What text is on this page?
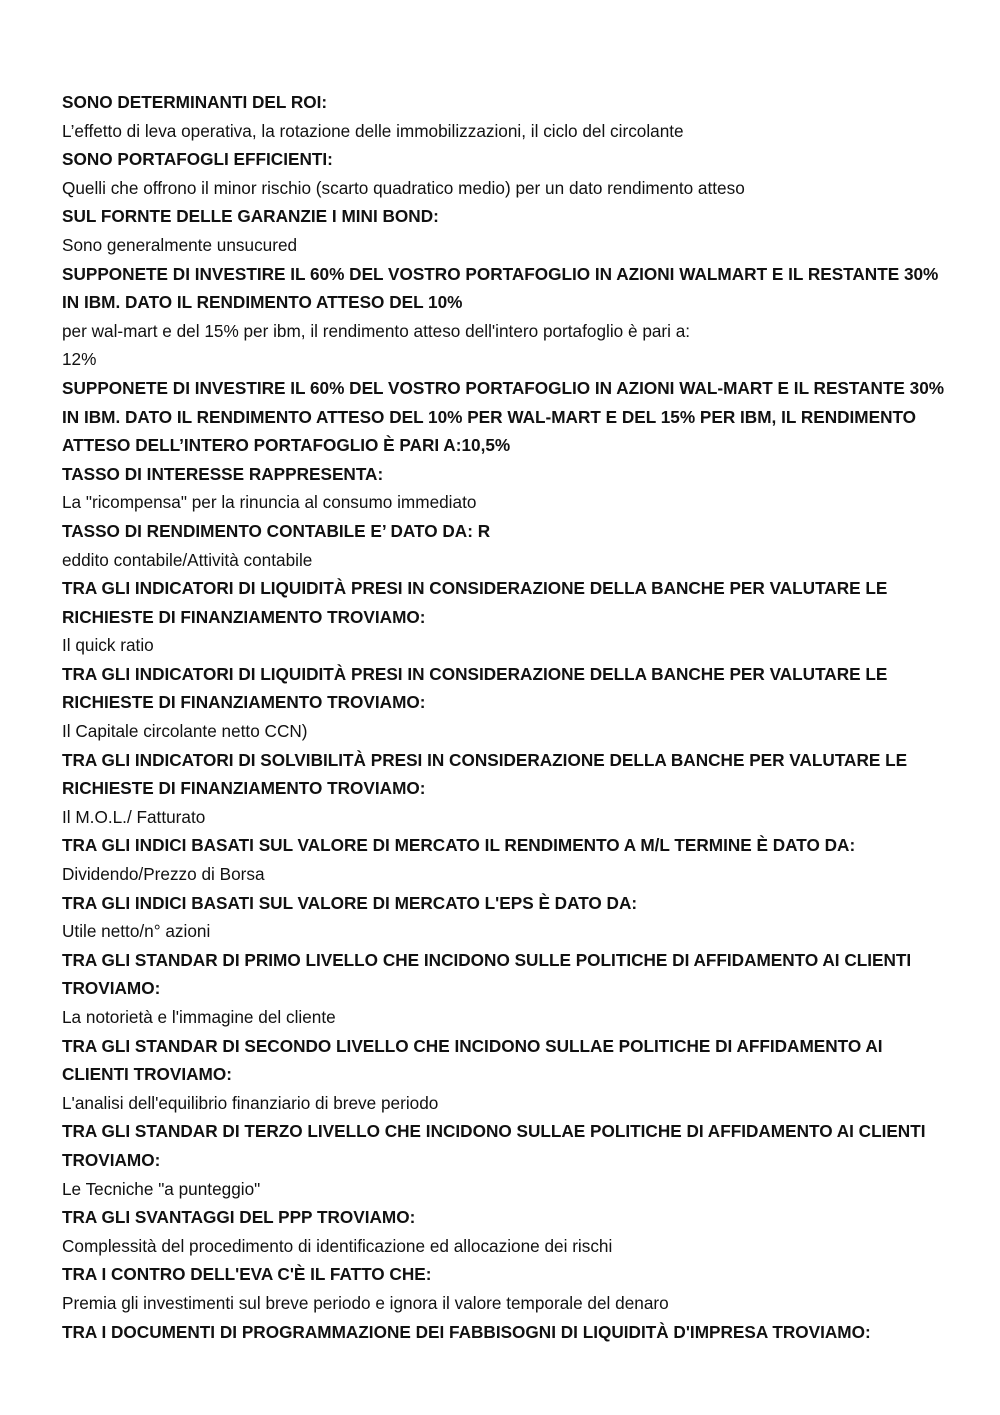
SONO DETERMINANTI DEL ROI:

L’effetto di leva operativa, la rotazione delle immobilizzazioni, il ciclo del circolante

SONO PORTAFOGLI EFFICIENTI:

Quelli che offrono il minor rischio (scarto quadratico medio) per un dato rendimento atteso

SUL FORNTE DELLE GARANZIE I MINI BOND:

Sono generalmente unsucured

SUPPONETE DI INVESTIRE IL 60% DEL VOSTRO PORTAFOGLIO IN AZIONI WALMART E IL RESTANTE 30% IN IBM. DATO IL RENDIMENTO ATTESO DEL 10%

per wal-mart e del 15% per ibm, il rendimento atteso dell'intero portafoglio è pari a:

12%

SUPPONETE DI INVESTIRE IL 60% DEL VOSTRO PORTAFOGLIO IN AZIONI WAL-MART E IL RESTANTE 30% IN IBM. DATO IL RENDIMENTO ATTESO DEL 10% PER WAL-MART E DEL 15% PER IBM, IL RENDIMENTO ATTESO DELL’INTERO PORTAFOGLIO È PARI A:10,5%

TASSO DI INTERESSE RAPPRESENTA:

La "ricompensa" per la rinuncia al consumo immediato

TASSO DI RENDIMENTO CONTABILE E’ DATO DA: R

eddito contabile/Attività contabile

TRA GLI INDICATORI DI LIQUIDITÀ PRESI IN CONSIDERAZIONE DELLA BANCHE PER VALUTARE LE RICHIESTE DI FINANZIAMENTO TROVIAMO:

Il quick ratio

TRA GLI INDICATORI DI LIQUIDITÀ PRESI IN CONSIDERAZIONE DELLA BANCHE PER VALUTARE LE RICHIESTE DI FINANZIAMENTO TROVIAMO:

Il Capitale circolante netto CCN)

TRA GLI INDICATORI DI SOLVIBILITÀ PRESI IN CONSIDERAZIONE DELLA BANCHE PER VALUTARE LE RICHIESTE DI FINANZIAMENTO TROVIAMO:

Il M.O.L./ Fatturato

TRA GLI INDICI BASATI SUL VALORE DI MERCATO IL RENDIMENTO A M/L TERMINE È DATO DA:

Dividendo/Prezzo di Borsa

TRA GLI INDICI BASATI SUL VALORE DI MERCATO L'EPS È DATO DA:

Utile netto/n° azioni

TRA GLI STANDAR DI PRIMO LIVELLO CHE INCIDONO SULLE POLITICHE DI AFFIDAMENTO AI CLIENTI TROVIAMO:

La notorietà e l'immagine del cliente

TRA GLI STANDAR DI SECONDO LIVELLO CHE INCIDONO SULLAE POLITICHE DI AFFIDAMENTO AI CLIENTI TROVIAMO:

L'analisi dell'equilibrio finanziario di breve periodo

TRA GLI STANDAR DI TERZO LIVELLO CHE INCIDONO SULLAE POLITICHE DI AFFIDAMENTO AI CLIENTI TROVIAMO:

Le Tecniche "a punteggio"

TRA GLI SVANTAGGI DEL PPP TROVIAMO:

Complessità del procedimento di identificazione ed allocazione dei rischi

TRA I CONTRO DELL'EVA C'È IL FATTO CHE:

Premia gli investimenti sul breve periodo e ignora il valore temporale del denaro

TRA I DOCUMENTI DI PROGRAMMAZIONE DEI FABBISOGNI DI LIQUIDITÀ D'IMPRESA TROVIAMO:
